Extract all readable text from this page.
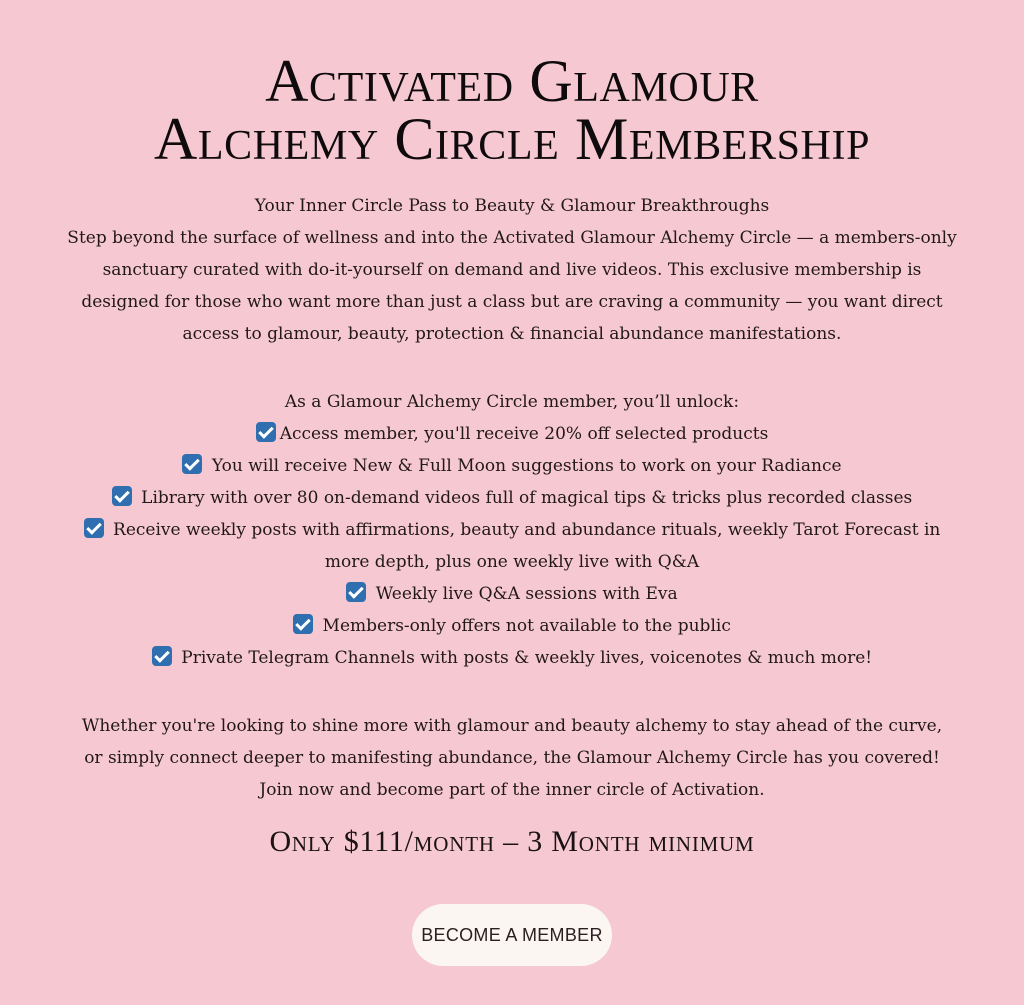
Activated Glamour
Alchemy Circle Membership

Your Inner Circle Pass to Beauty & Glamour Breakthroughs

Step beyond the surface of wellness and into the Activated Glamour Alchemy Circle — a members-only sanctuary curated with do-it-yourself on demand and live videos. This exclusive membership is designed for those who want more than just a class but are craving a community — you want direct access to glamour, beauty, protection & financial abundance manifestations.

As a Glamour Alchemy Circle member, you’ll unlock:

Access member, you'll receive 20% off selected products
You will receive New & Full Moon suggestions to work on your Radiance
Library with over 80 on-demand videos full of magical tips & tricks plus recorded classes
Receive weekly posts with affirmations, beauty and abundance rituals, weekly Tarot Forecast in more depth, plus one weekly live with Q&A
Weekly live Q&A sessions with Eva
Members-only offers not available to the public
Private Telegram Channels with posts & weekly lives, voicenotes & much more!

Whether you're looking to shine more with glamour and beauty alchemy to stay ahead of the curve, or simply connect deeper to manifesting abundance, the Glamour Alchemy Circle has you covered! Join now and become part of the inner circle of Activation.

Only $111/month – 3 Month minimum
BECOME A MEMBER
